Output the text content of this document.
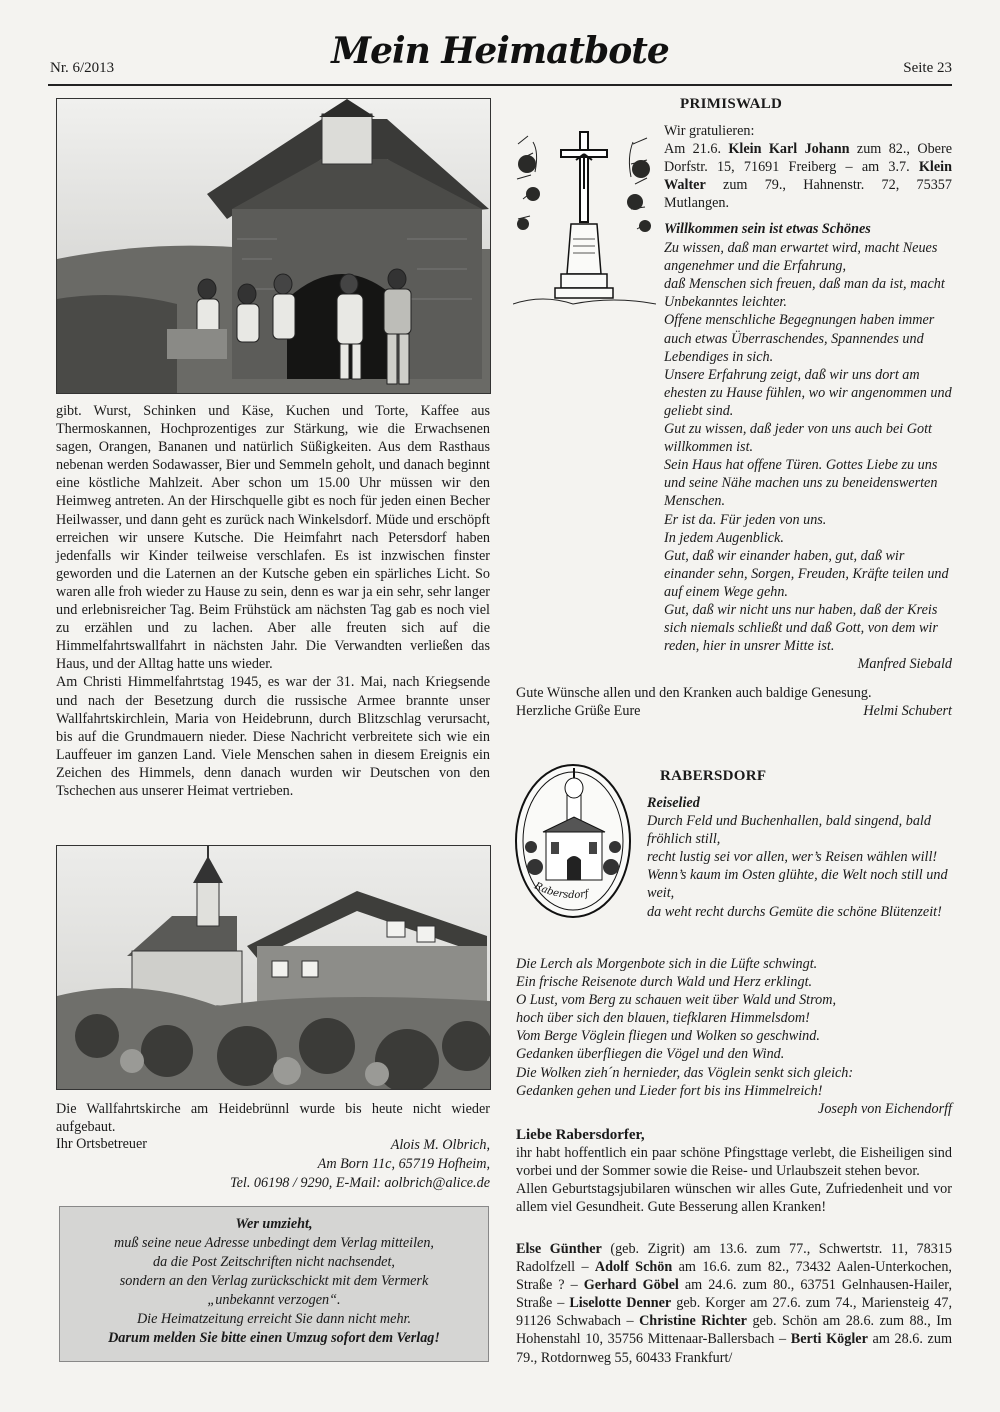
Nr. 6/2013	Mein Heimatbote	Seite 23

gibt. Wurst, Schinken und Käse, Kuchen und Torte, Kaffee aus Thermoskannen, Hochprozentiges zur Stärkung, wie die Erwachsenen sagen, Orangen, Bananen und natürlich Süßigkeiten. Aus dem Rasthaus nebenan werden Sodawasser, Bier und Semmeln geholt, und danach beginnt eine köstliche Mahlzeit. Aber schon um 15.00 Uhr müssen wir den Heimweg antreten. An der Hirschquelle gibt es noch für jeden einen Becher Heilwasser, und dann geht es zurück nach Winkelsdorf. Müde und erschöpft erreichen wir unsere Kutsche. Die Heimfahrt nach Petersdorf haben jedenfalls wir Kinder teilweise verschlafen. Es ist inzwischen finster geworden und die Laternen an der Kutsche geben ein spärliches Licht. So waren alle froh wieder zu Hause zu sein, denn es war ja ein sehr, sehr langer und erlebnisreicher Tag. Beim Frühstück am nächsten Tag gab es noch viel zu erzählen und zu lachen. Aber alle freuten sich auf die Himmelfahrtswallfahrt in nächsten Jahr. Die Verwandten verließen das Haus, und der Alltag hatte uns wieder.

Am Christi Himmelfahrtstag 1945, es war der 31. Mai, nach Kriegsende und nach der Besetzung durch die russische Armee brannte unser Wallfahrtskirchlein, Maria von Heidebrunn, durch Blitzschlag verursacht, bis auf die Grundmauern nieder. Diese Nachricht verbreitete sich wie ein Lauffeuer im ganzen Land. Viele Menschen sahen in diesem Ereignis ein Zeichen des Himmels, denn danach wurden wir Deutschen von den Tschechen aus unserer Heimat vertrieben.

Die Wallfahrtskirche am Heidebrünnl wurde bis heute nicht wieder aufgebaut.
Ihr Ortsbetreuer	Alois M. Olbrich,
Am Born 11c, 65719 Hofheim,
Tel. 06198 / 9290, E-Mail: aolbrich@alice.de
Wer umzieht,
muß seine neue Adresse unbedingt dem Verlag mitteilen,
da die Post Zeitschriften nicht nachsendet,
sondern an den Verlag zurückschickt mit dem Vermerk
„unbekannt verzogen“.
Die Heimatzeitung erreicht Sie dann nicht mehr.
Darum melden Sie bitte einen Umzug sofort dem Verlag!
PRIMISWALD

Wir gratulieren:

Am 21.6. Klein Karl Johann zum 82., Obere Dorfstr. 15, 71691 Freiberg – am 3.7. Klein Walter zum 79., Hahnenstr. 72, 75357 Mutlangen.

Willkommen sein ist etwas Schönes

Zu wissen, daß man erwartet wird, macht Neues angenehmer und die Erfahrung,

daß Menschen sich freuen, daß man da ist, macht Unbekanntes leichter.

Offene menschliche Begegnungen haben immer auch etwas Überraschendes, Spannendes und Lebendiges in sich.

Unsere Erfahrung zeigt, daß wir uns dort am ehesten zu Hause fühlen, wo wir angenommen und geliebt sind.

Gut zu wissen, daß jeder von uns auch bei Gott willkommen ist.

Sein Haus hat offene Türen. Gottes Liebe zu uns und seine Nähe machen uns zu beneidenswerten Menschen.

Er ist da. Für jeden von uns.

In jedem Augenblick.

Gut, daß wir einander haben, gut, daß wir einander sehn, Sorgen, Freuden, Kräfte teilen und auf einem Wege gehn.

Gut, daß wir nicht uns nur haben, daß der Kreis sich niemals schließt und daß Gott, von dem wir reden, hier in unsrer Mitte ist.

Manfred Siebald

Gute Wünsche allen und den Kranken auch baldige Genesung.

Herzliche Grüße Eure	Helmi Schubert

Rabersdorf
RABERSDORF

Reiselied

Durch Feld und Buchenhallen, bald singend, bald fröhlich still,

recht lustig sei vor allen, wer’s Reisen wählen will!

Wenn’s kaum im Osten glühte, die Welt noch still und weit,

da weht recht durchs Gemüte die schöne Blütenzeit!

Die Lerch als Morgenbote sich in die Lüfte schwingt.

Ein frische Reisenote durch Wald und Herz erklingt.

O Lust, vom Berg zu schauen weit über Wald und Strom,

hoch über sich den blauen, tiefklaren Himmelsdom!

Vom Berge Vöglein fliegen und Wolken so geschwind.

Gedanken überfliegen die Vögel und den Wind.

Die Wolken zieh´n hernieder, das Vöglein senkt sich gleich:

Gedanken gehen und Lieder fort bis ins Himmelreich!

Joseph von Eichendorff

Liebe Rabersdorfer,

ihr habt hoffentlich ein paar schöne Pfingsttage verlebt, die Eisheiligen sind vorbei und der Sommer sowie die Reise- und Urlaubszeit stehen bevor.

Allen Geburtstagsjubilaren wünschen wir alles Gute, Zufriedenheit und vor allem viel Gesundheit. Gute Besserung allen Kranken!

Else Günther (geb. Zigrit) am 13.6. zum 77., Schwertstr. 11, 78315 Radolfzell – Adolf Schön am 16.6. zum 82., 73432 Aalen-Unterkochen, Straße ? – Gerhard Göbel am 24.6. zum 80., 63751 Gelnhausen-Hailer, Straße – Liselotte Denner geb. Korger am 27.6. zum 74., Mariensteig 47, 91126 Schwabach – Christine Richter geb. Schön am 28.6. zum 88., Im Hohenstahl 10, 35756 Mittenaar-Ballersbach – Berti Kögler am 28.6. zum 79., Rotdornweg 55, 60433 Frankfurt/
